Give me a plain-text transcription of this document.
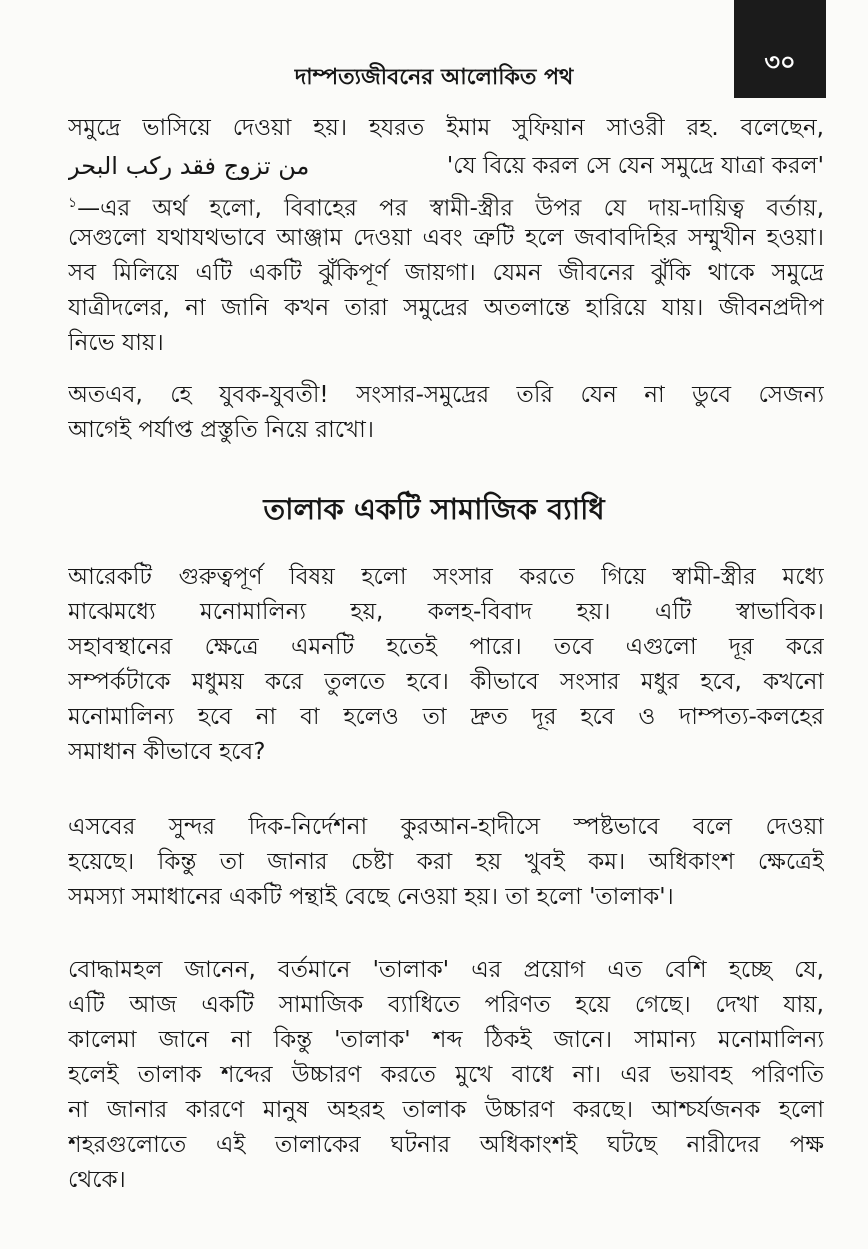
দাম্পত্যজীবনের আলোকিত পথ
৩০
সমুদ্রে ভাসিয়ে দেওয়া হয়। হযরত ইমাম সুফিয়ান সাওরী রহ. বলেছেন,
من تزوج فقد ركب البحر	'যে বিয়ে করল সে যেন সমুদ্রে যাত্রা করল'
$^১$—এর অর্থ হলো, বিবাহের পর স্বামী-স্ত্রীর উপর যে দায়-দায়িত্ব বর্তায়,
সেগুলো যথাযথভাবে আঞ্জাম দেওয়া এবং ত্রুটি হলে জবাবদিহির সম্মুখীন হওয়া।
সব মিলিয়ে এটি একটি ঝুঁকিপূর্ণ জায়গা। যেমন জীবনের ঝুঁকি থাকে সমুদ্রে
যাত্রীদলের, না জানি কখন তারা সমুদ্রের অতলান্তে হারিয়ে যায়। জীবনপ্রদীপ
নিভে যায়।
অতএব, হে যুবক-যুবতী! সংসার-সমুদ্রের তরি যেন না ডুবে সেজন্য
আগেই পর্যাপ্ত প্রস্তুতি নিয়ে রাখো।
তালাক একটি সামাজিক ব্যাধি
আরেকটি গুরুত্বপূর্ণ বিষয় হলো সংসার করতে গিয়ে স্বামী-স্ত্রীর মধ্যে
মাঝেমধ্যে মনোমালিন্য হয়, কলহ-বিবাদ হয়। এটি স্বাভাবিক।
সহাবস্থানের ক্ষেত্রে এমনটি হতেই পারে। তবে এগুলো দূর করে
সম্পর্কটাকে মধুময় করে তুলতে হবে। কীভাবে সংসার মধুর হবে, কখনো
মনোমালিন্য হবে না বা হলেও তা দ্রুত দূর হবে ও দাম্পত্য-কলহের
সমাধান কীভাবে হবে?
এসবের সুন্দর দিক-নির্দেশনা কুরআন-হাদীসে স্পষ্টভাবে বলে দেওয়া
হয়েছে। কিন্তু তা জানার চেষ্টা করা হয় খুবই কম। অধিকাংশ ক্ষেত্রেই
সমস্যা সমাধানের একটি পন্থাই বেছে নেওয়া হয়। তা হলো 'তালাক'।
বোদ্ধামহল জানেন, বর্তমানে 'তালাক' এর প্রয়োগ এত বেশি হচ্ছে যে,
এটি আজ একটি সামাজিক ব্যাধিতে পরিণত হয়ে গেছে। দেখা যায়,
কালেমা জানে না কিন্তু 'তালাক' শব্দ ঠিকই জানে। সামান্য মনোমালিন্য
হলেই তালাক শব্দের উচ্চারণ করতে মুখে বাধে না। এর ভয়াবহ পরিণতি
না জানার কারণে মানুষ অহরহ তালাক উচ্চারণ করছে। আশ্চর্যজনক হলো
শহরগুলোতে এই তালাকের ঘটনার অধিকাংশই ঘটছে নারীদের পক্ষ
থেকে।
